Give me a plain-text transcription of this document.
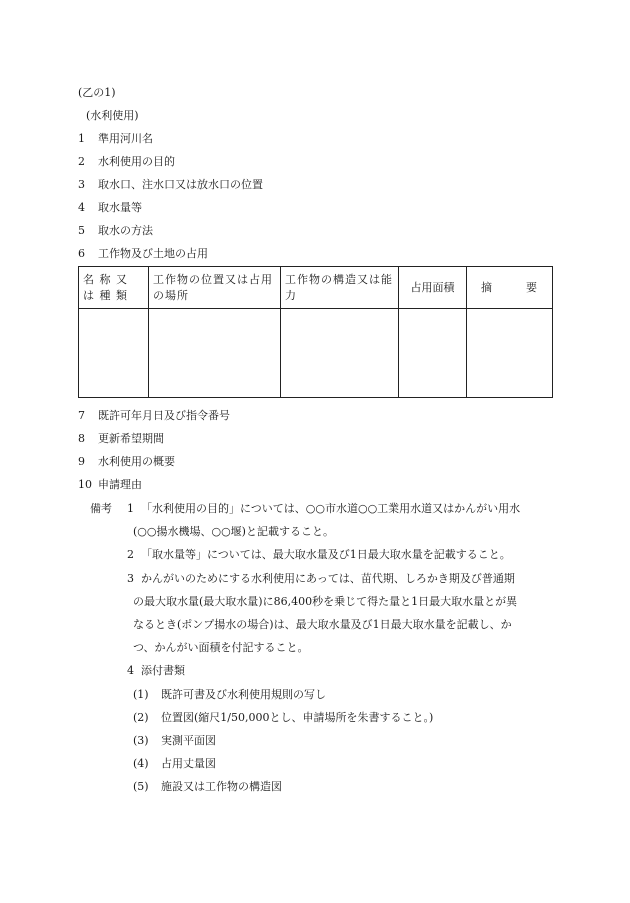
(乙の1)
(水利使用)
1 準用河川名
2 水利使用の目的
3 取水口、注水口又は放水口の位置
4 取水量等
5 取水の方法
6 工作物及び土地の占用
名 称 又 は 種 類	工作物の位置又は占用の場所	工作物の構造又は能力	占用面積	摘　要

7 既許可年月日及び指令番号
8 更新希望期間
9 水利使用の概要
10 申請理由
備考 1 「水利使用の目的」については、○○市水道○○工業用水道又はかんがい用水
(○○揚水機場、○○堰)と記載すること。
2 「取水量等」については、最大取水量及び1日最大取水量を記載すること。
3 かんがいのためにする水利使用にあっては、苗代期、しろかき期及び普通期
の最大取水量(最大取水量)に86,400秒を乗じて得た量と1日最大取水量とが異
なるとき(ポンプ揚水の場合)は、最大取水量及び1日最大取水量を記載し、か
つ、かんがい面積を付記すること。
4 添付書類
(1) 既許可書及び水利使用規則の写し
(2) 位置図(縮尺1/50,000とし、申請場所を朱書すること。)
(3) 実測平面図
(4) 占用丈量図
(5) 施設又は工作物の構造図
